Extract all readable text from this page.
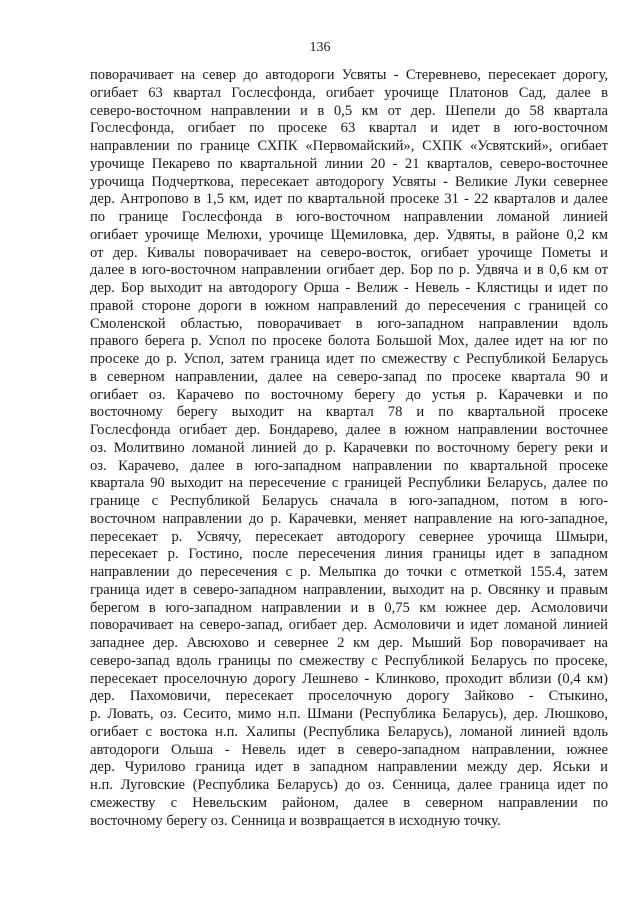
136
поворачивает на север до автодороги Усвяты - Стеревнево, пересекает дорогу,
огибает 63 квартал Гослесфонда, огибает урочище Платонов Сад, далее в
северо-восточном направлении и в 0,5 км от дер. Шепели до 58 квартала
Гослесфонда, огибает по просеке 63 квартал и идет в юго-восточном
направлении по границе СХПК «Первомайский», СХПК «Усвятский», огибает
урочище Пекарево по квартальной линии 20 - 21 кварталов, северо-восточнее
урочища Подчерткова, пересекает автодорогу Усвяты - Великие Луки севернее
дер. Антропово в 1,5 км, идет по квартальной просеке 31 - 22 кварталов и далее
по границе Гослесфонда в юго-восточном направлении ломаной линией
огибает урочище Мелюхи, урочище Щемиловка, дер. Удвяты, в районе 0,2 км
от дер. Кивалы поворачивает на северо-восток, огибает урочище Пометы и
далее в юго-восточном направлении огибает дер. Бор по р. Удвяча и в 0,6 км от
дер. Бор выходит на автодорогу Орша - Велиж - Невель - Клястицы и идет по
правой стороне дороги в южном направлений до пересечения с границей со
Смоленской областью, поворачивает в юго-западном направлении вдоль
правого берега р. Успол по просеке болота Большой Мох, далее идет на юг по
просеке до р. Успол, затем граница идет по смежеству с Республикой Беларусь
в северном направлении, далее на северо-запад по просеке квартала 90 и
огибает оз. Карачево по восточному берегу до устья р. Карачевки и по
восточному берегу выходит на квартал 78 и по квартальной просеке
Гослесфонда огибает дер. Бондарево, далее в южном направлении восточнее
оз. Молитвино ломаной линией до р. Карачевки по восточному берегу реки и
оз. Карачево, далее в юго-западном направлении по квартальной просеке
квартала 90 выходит на пересечение с границей Республики Беларусь, далее по
границе с Республикой Беларусь сначала в юго-западном, потом в юго-
восточном направлении до р. Карачевки, меняет направление на юго-западное,
пересекает р. Усвячу, пересекает автодорогу севернее урочища Шмыри,
пересекает р. Гостино, после пересечения линия границы идет в западном
направлении до пересечения с р. Мелыпка до точки с отметкой 155.4, затем
граница идет в северо-западном направлении, выходит на р. Овсянку и правым
берегом в юго-западном направлении и в 0,75 км южнее дер. Асмоловичи
поворачивает на северо-запад, огибает дер. Асмоловичи и идет ломаной линией
западнее дер. Авсюхово и севернее 2 км дер. Мыший Бор поворачивает на
северо-запад вдоль границы по смежеству с Республикой Беларусь по просеке,
пересекает проселочную дорогу Лешнево - Клинково, проходит вблизи (0,4 км)
дер. Пахомовичи, пересекает проселочную дорогу Зайково - Стыкино,
р. Ловать, оз. Сесито, мимо н.п. Шмани (Республика Беларусь), дер. Люшково,
огибает с востока н.п. Халипы (Республика Беларусь), ломаной линией вдоль
автодороги Ольша - Невель идет в северо-западном направлении, южнее
дер. Чурилово граница идет в западном направлении между дер. Яськи и
н.п. Луговские (Республика Беларусь) до оз. Сенница, далее граница идет по
смежеству с Невельским районом, далее в северном направлении по
восточному берегу оз. Сенница и возвращается в исходную точку.
